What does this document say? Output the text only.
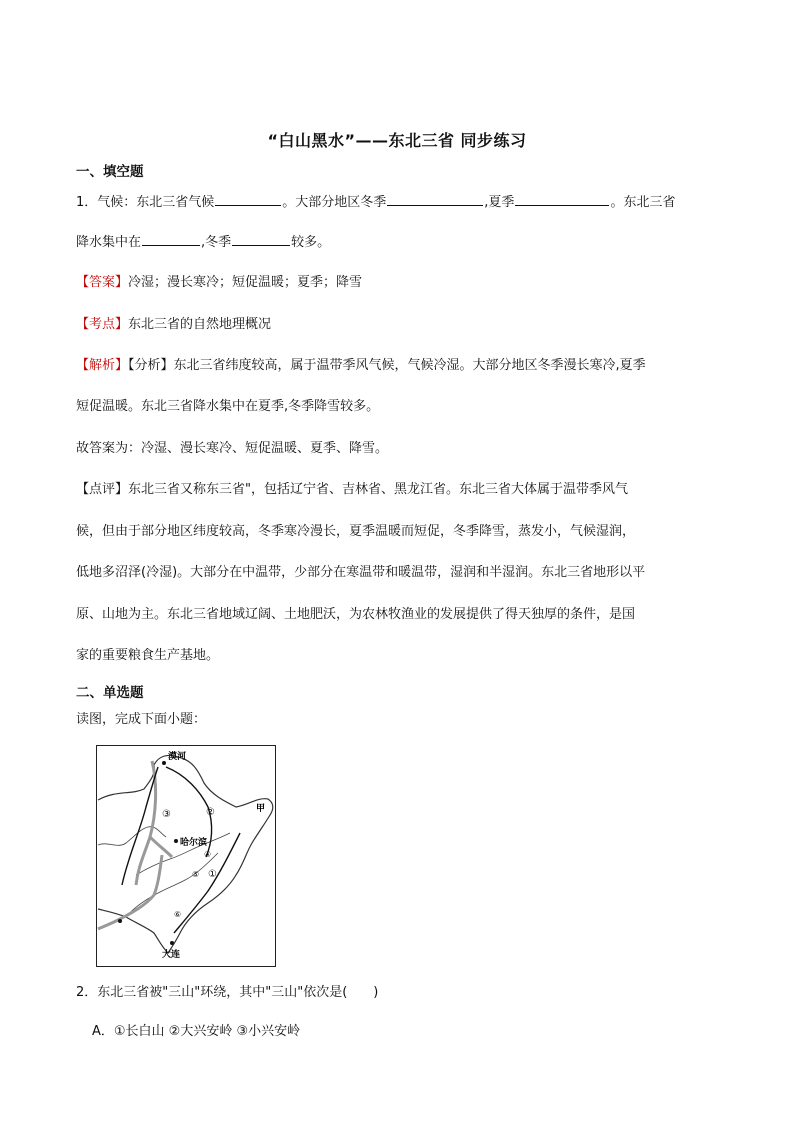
“白山黑水”——东北三省 同步练习
一、填空题
1．气候：东北三省气候	。大部分地区冬季	,夏季	。东北三省
降水集中在	,冬季	较多。
【答案】冷湿；漫长寒冷；短促温暖；夏季；降雪
【考点】东北三省的自然地理概况
【解析】【分析】东北三省纬度较高，属于温带季风气候，气候冷湿。大部分地区冬季漫长寒冷,夏季
短促温暖。东北三省降水集中在夏季,冬季降雪较多。
故答案为：冷湿、漫长寒冷、短促温暖、夏季、降雪。
【点评】东北三省又称东三省"，包括辽宁省、吉林省、黑龙江省。东北三省大体属于温带季风气
候，但由于部分地区纬度较高，冬季寒冷漫长，夏季温暖而短促，冬季降雪，蒸发小，气候湿润，
低地多沼泽(冷湿)。大部分在中温带，少部分在寒温带和暖温带，湿润和半湿润。东北三省地形以平
原、山地为主。东北三省地域辽阔、土地肥沃，为农林牧渔业的发展提供了得天独厚的条件，是国
家的重要粮食生产基地。
二、单选题
读图，完成下面小题：
漠河
哈尔滨
大连
甲
③	②
①
④
⑤
⑥
2．东北三省被"三山"环绕，其中"三山"依次是(　　)
A．①长白山 ②大兴安岭 ③小兴安岭
